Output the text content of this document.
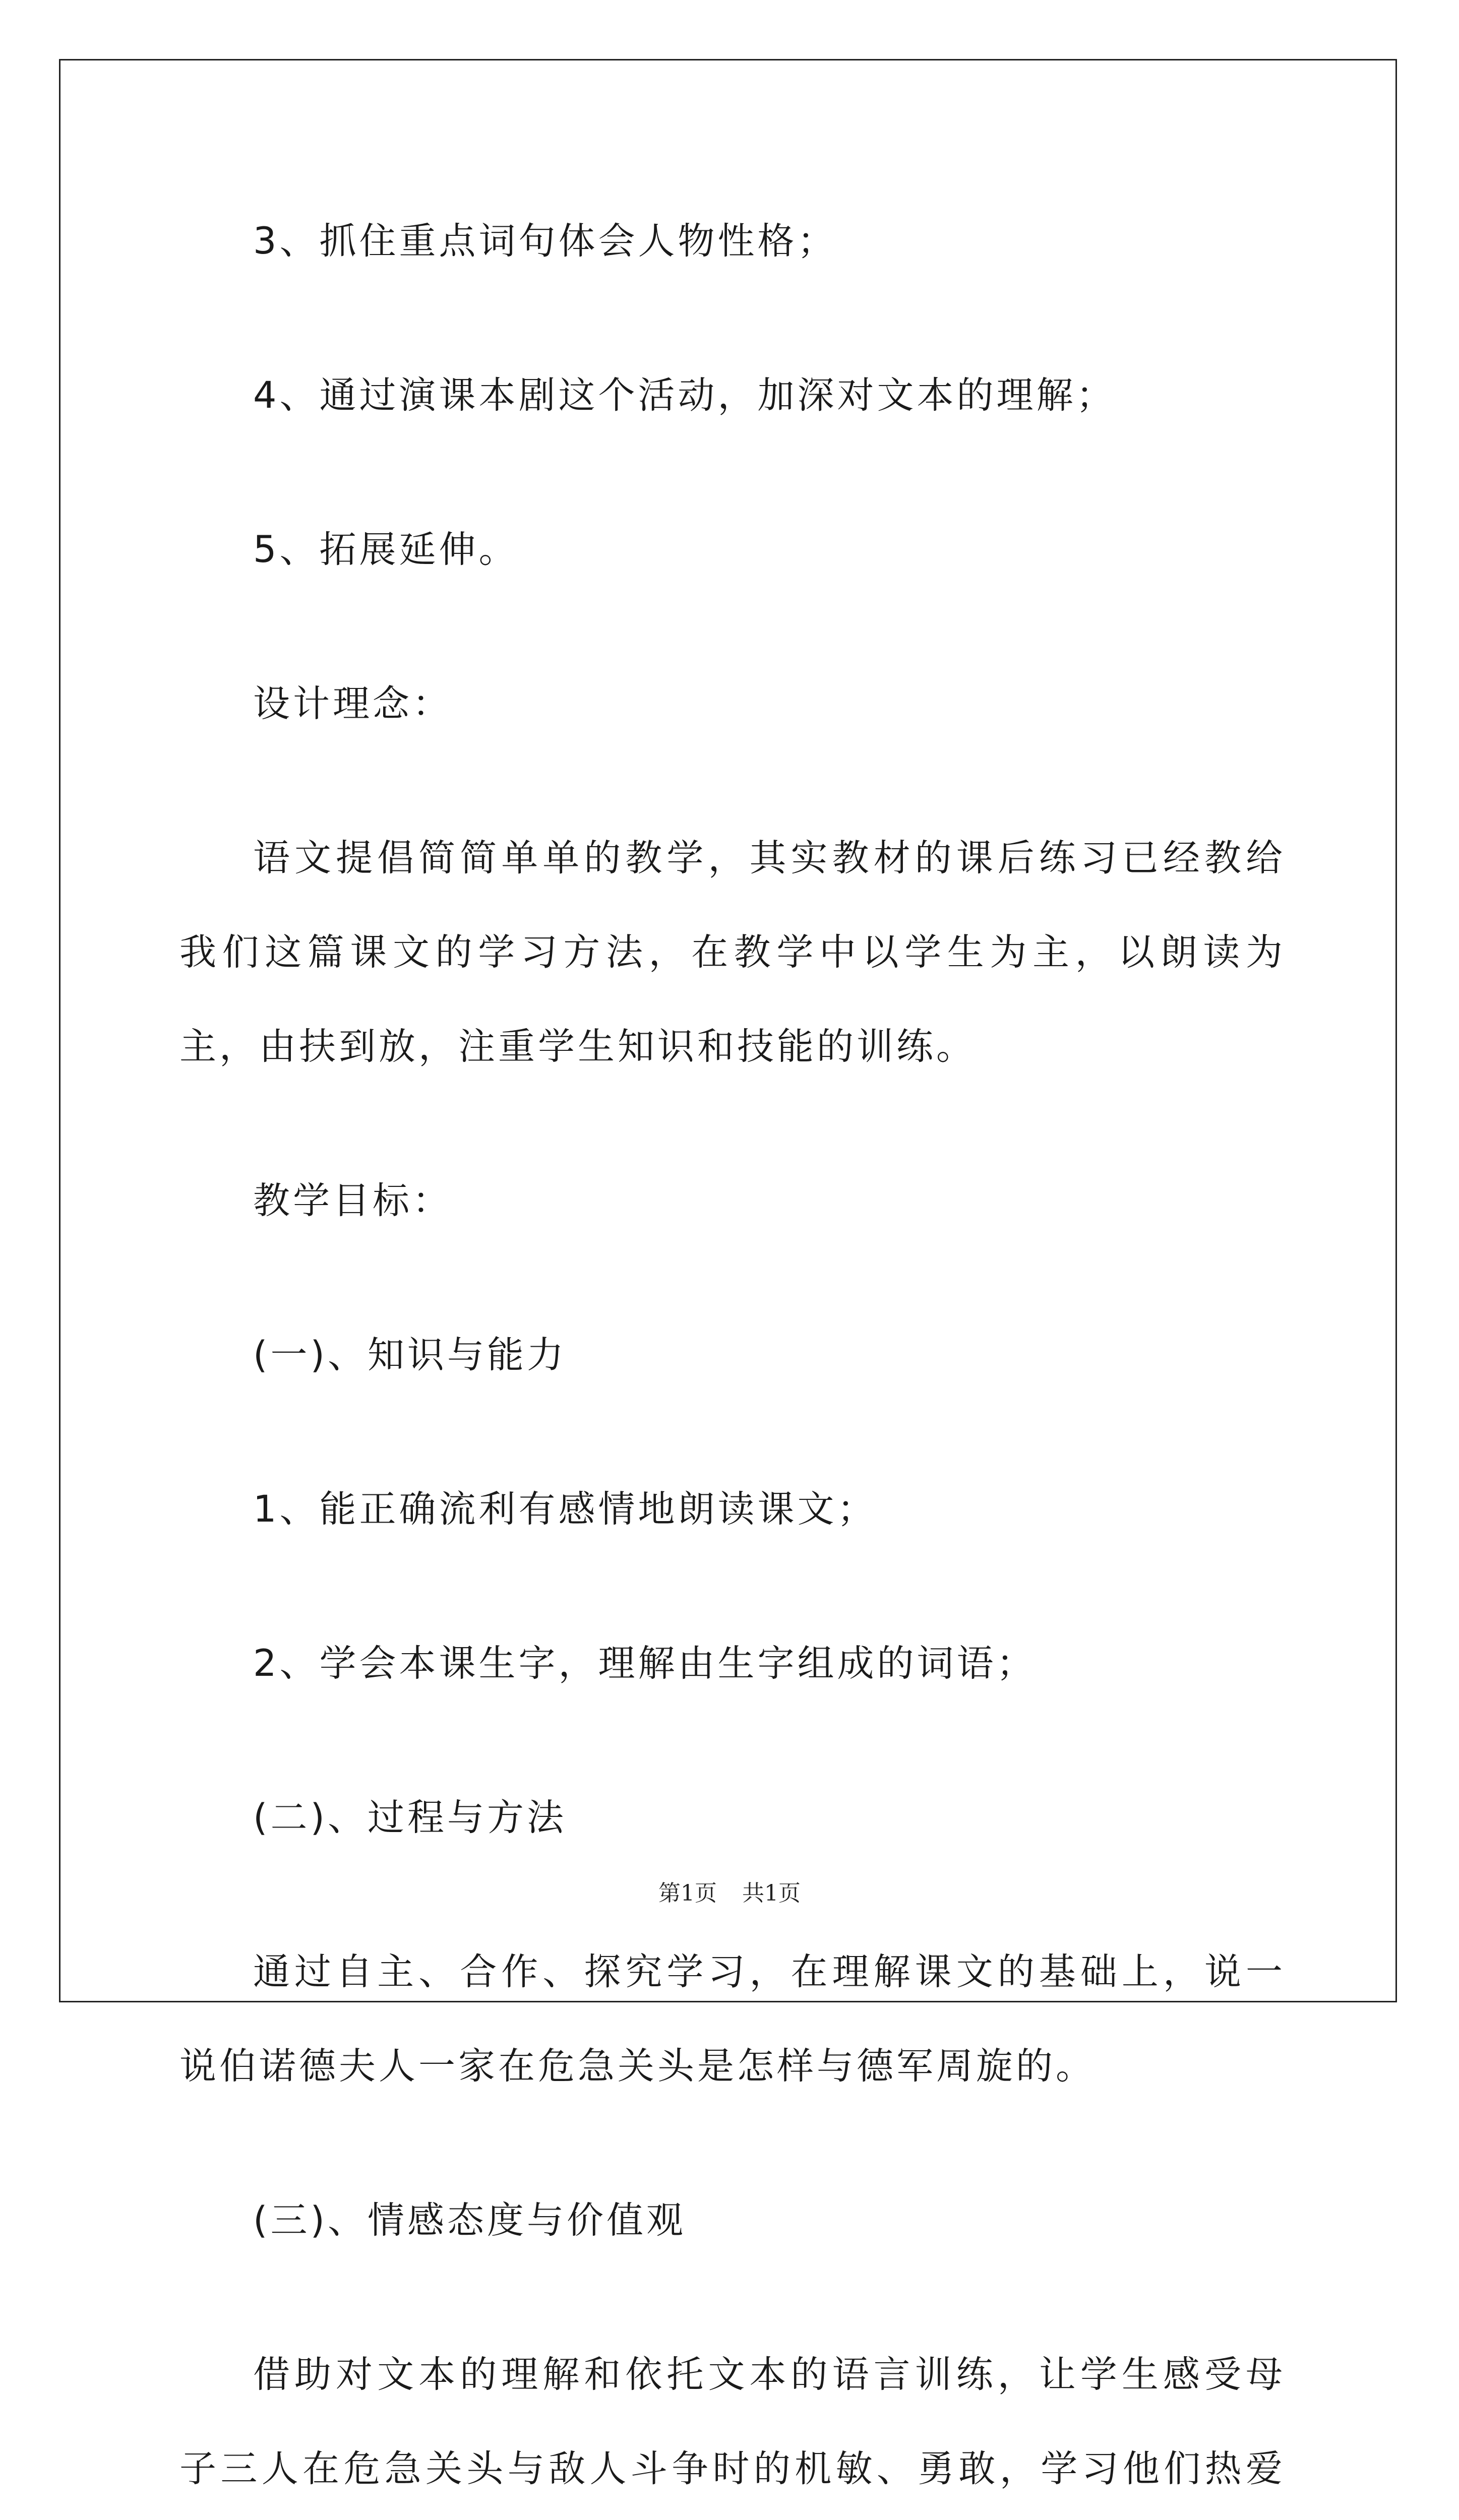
3、抓住重点词句体会人物性格；

4、通过演课本剧这个活动，加深对文本的理解；

5、拓展延伸。

设计理念：

语文提倡简简单单的教学，其实教材的课后练习已经教给我们这篇课文的学习方法，在教学中以学生为主，以朗读为主，由扶到放，注重学生知识和技能的训练。

教学目标：

(一)、知识与能力

1、能正确流利有感情地朗读课文；

2、学会本课生字，理解由生字组成的词语；

(二)、过程与方法

通过自主、合作、探究学习，在理解课文的基础上，说一说伯诺德夫人一家在危急关头是怎样与德军周旋的。

(三)、情感态度与价值观

借助对文本的理解和依托文本的语言训练，让学生感受母子三人在危急关头与敌人斗争时的机敏、勇敢，学习他们热爱

第1页 共1页
